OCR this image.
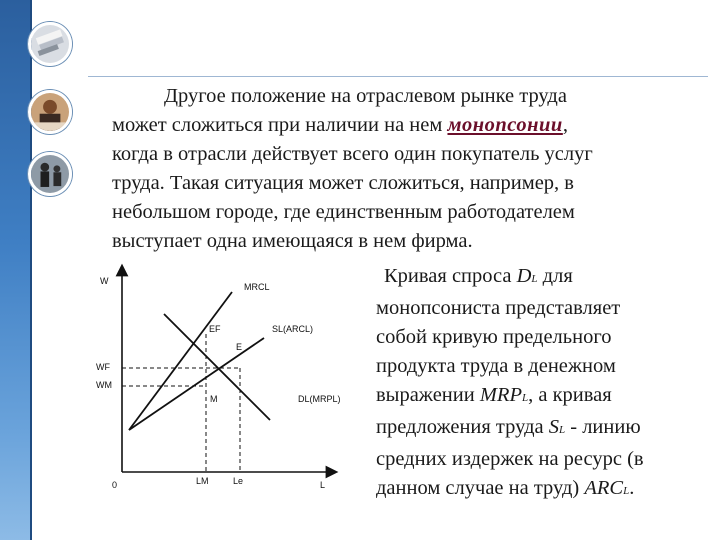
Другое положение на отраслевом рынке труда
может сложиться при наличии на нем монопсонии,
когда в отрасли действует всего один покупатель услуг
труда. Такая ситуация может сложиться, например, в
небольшом городе, где единственным работодателем
выступает одна имеющаяся в нем фирма.
W
L
0
MRCL
SL(ARCL)
DL(MRPL)
EF
E
M
WF
WM
LM	Le
Кривая спроса DL для
монопсониста представляет
собой кривую предельного
продукта труда в денежном
выражении MRPL, а кривая
предложения труда SL - линию
средних издержек на ресурс (в
данном случае на труд) ARCL.
